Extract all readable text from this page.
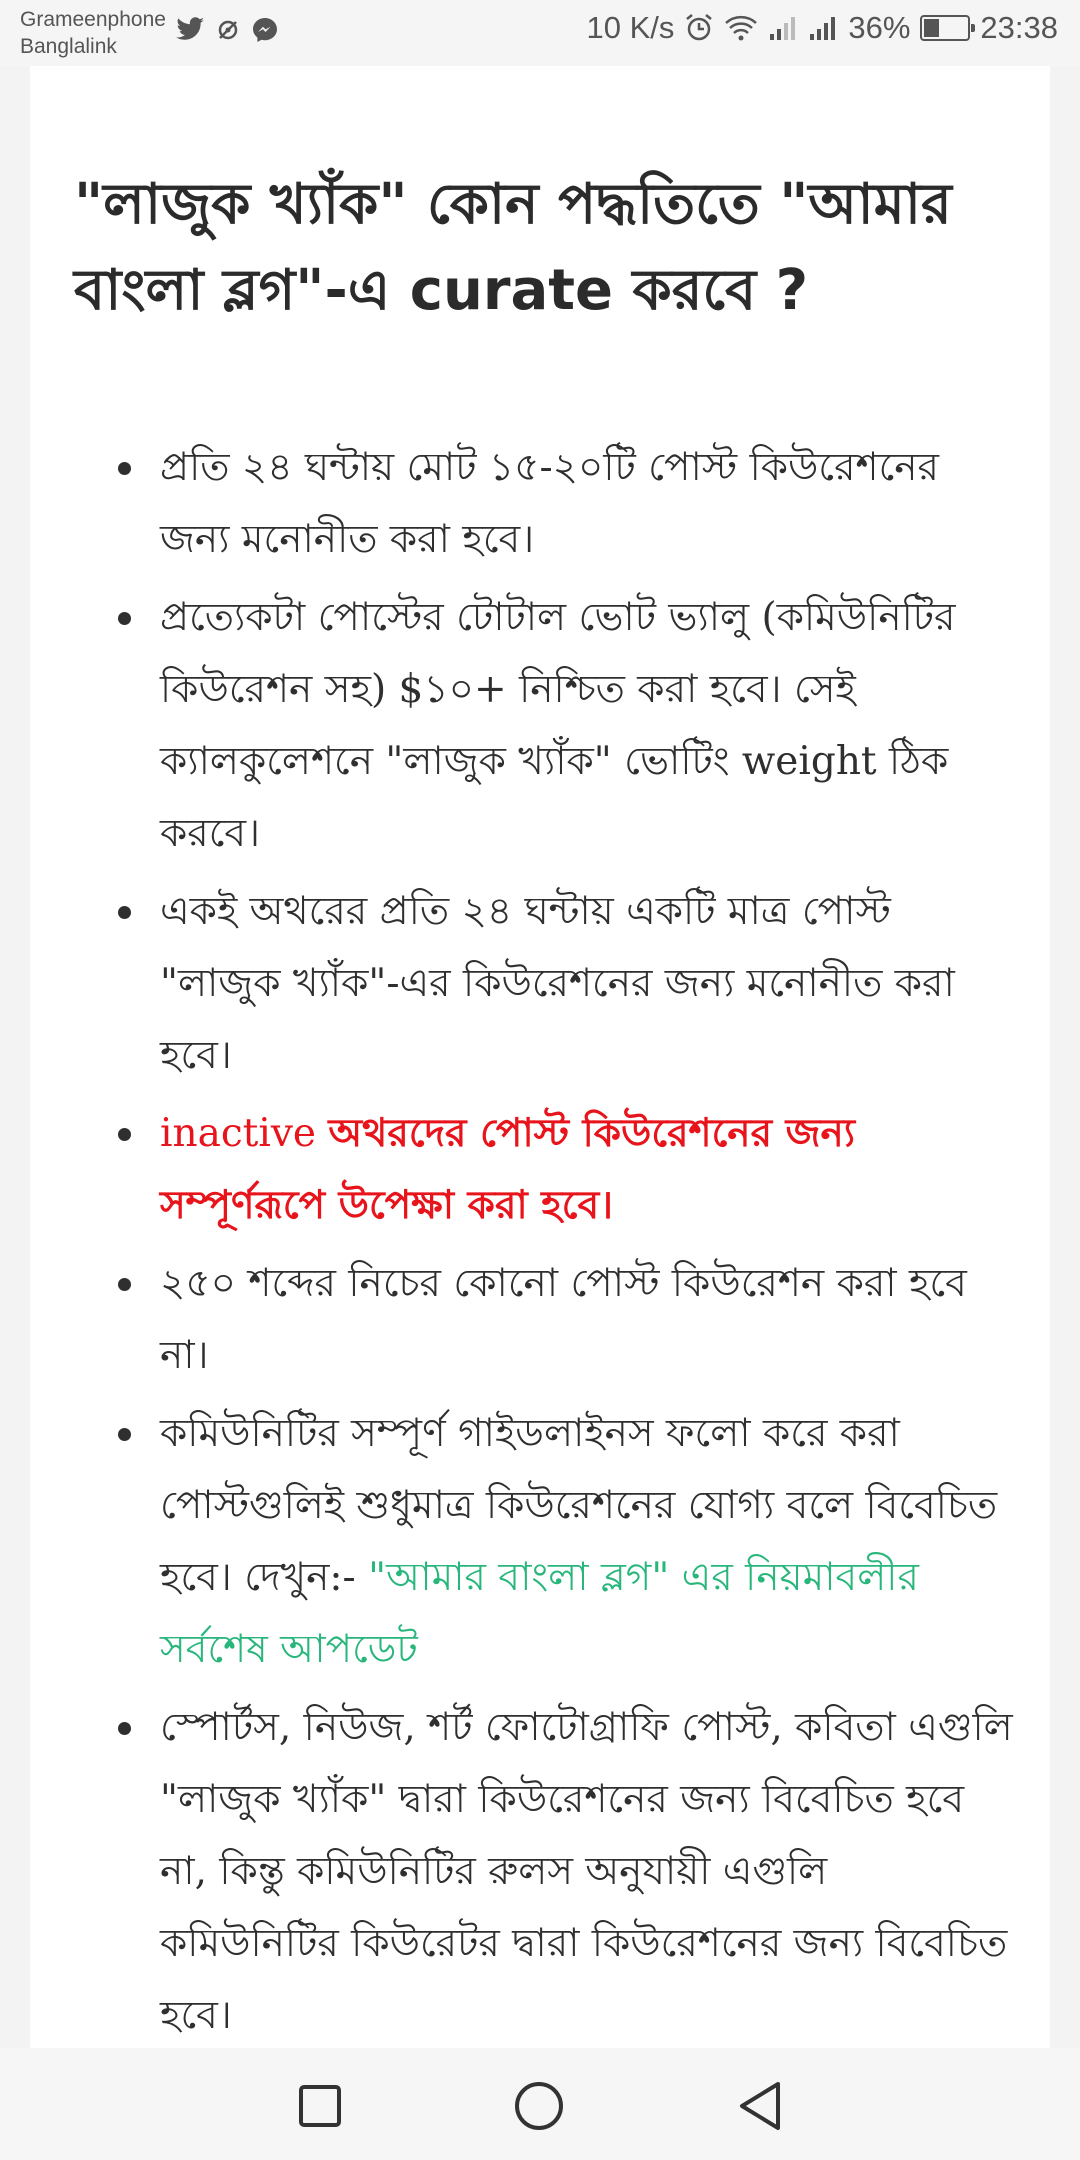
Grameenphone
Banglalink
10 K/s	36% 23:38
"লাজুক খ্যাঁক" কোন পদ্ধতিতে "আমার বাংলা ব্লগ"-এ curate করবে ?
প্রতি ২৪ ঘন্টায় মোট ১৫-২০টি পোস্ট কিউরেশনের জন্য মনোনীত করা হবে।
প্রত্যেকটা পোস্টের টোটাল ভোট ভ্যালু (কমিউনিটির কিউরেশন সহ) $১০+ নিশ্চিত করা হবে। সেই ক্যালকুলেশনে "লাজুক খ্যাঁক" ভোটিং weight ঠিক করবে।
একই অথরের প্রতি ২৪ ঘন্টায় একটি মাত্র পোস্ট "লাজুক খ্যাঁক"-এর কিউরেশনের জন্য মনোনীত করা হবে।
inactive অথরদের পোস্ট কিউরেশনের জন্য সম্পূর্ণরূপে উপেক্ষা করা হবে।
২৫০ শব্দের নিচের কোনো পোস্ট কিউরেশন করা হবে না।
কমিউনিটির সম্পূর্ণ গাইডলাইনস ফলো করে করা পোস্টগুলিই শুধুমাত্র কিউরেশনের যোগ্য বলে বিবেচিত হবে। দেখুন:- "আমার বাংলা ব্লগ" এর নিয়মাবলীর সর্বশেষ আপডেট
স্পোর্টস, নিউজ, শর্ট ফোটোগ্রাফি পোস্ট, কবিতা এগুলি "লাজুক খ্যাঁক" দ্বারা কিউরেশনের জন্য বিবেচিত হবে না, কিন্তু কমিউনিটির রুলস অনুযায়ী এগুলি কমিউনিটির কিউরেটর দ্বারা কিউরেশনের জন্য বিবেচিত হবে।
